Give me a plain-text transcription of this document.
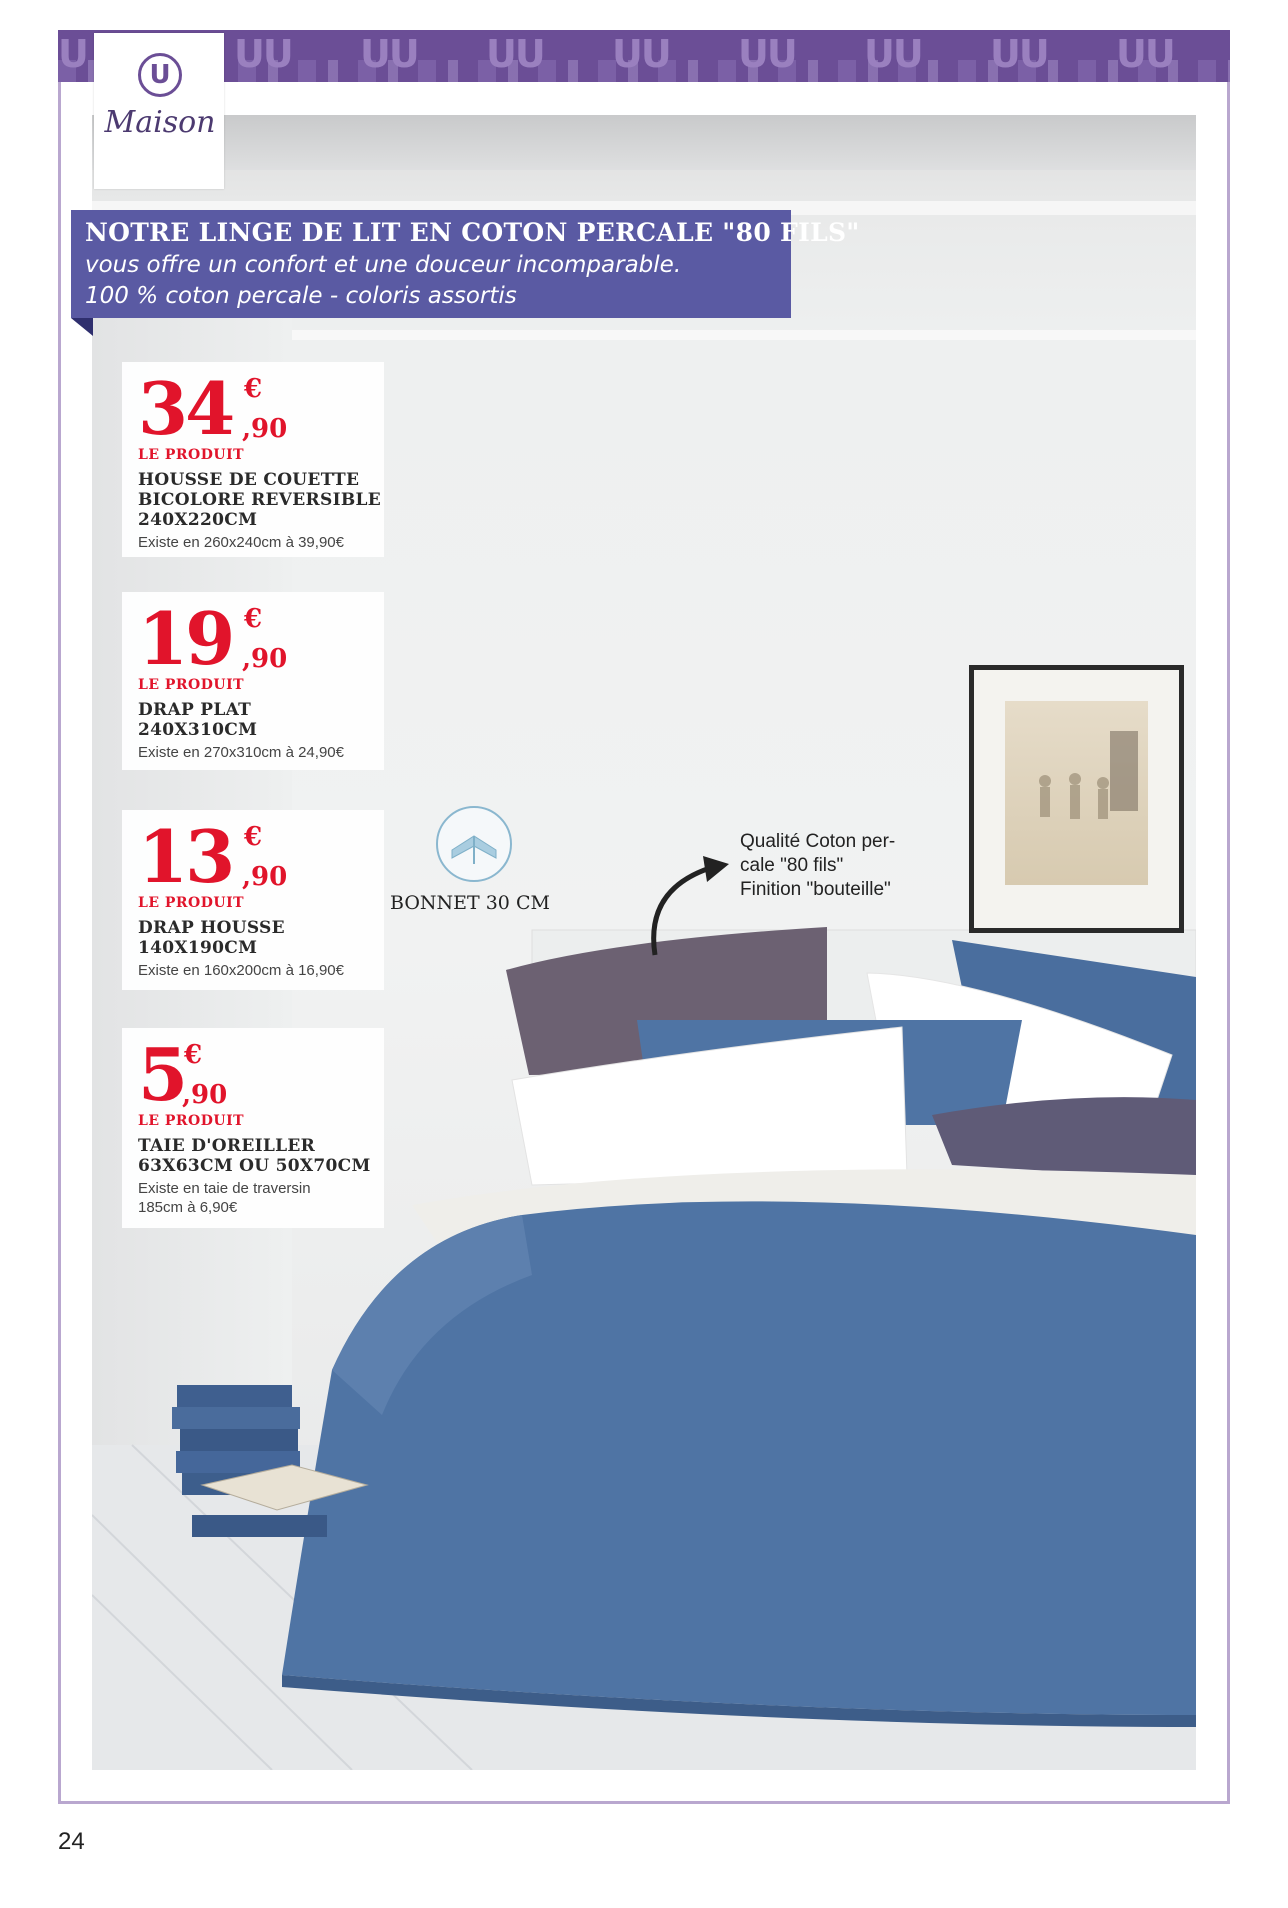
UU UU UU UU UU UU UU UU
U	U
Maison
NOTRE LINGE DE LIT EN COTON PERCALE "80 FILS"
vous offre un confort et une douceur incomparable.
100 % coton percale - coloris assortis
34 €
,90
LE PRODUIT
HOUSSE DE COUETTE
BICOLORE REVERSIBLE
240X220CM
Existe en 260x240cm à 39,90€
19 €
,90
LE PRODUIT
DRAP PLAT
240X310CM
Existe en 270x310cm à 24,90€
13 €
,90
LE PRODUIT
DRAP HOUSSE
140X190CM
Existe en 160x200cm à 16,90€
5
€
,90
LE PRODUIT
TAIE D'OREILLER
63X63CM OU 50X70CM
Existe en taie de traversin
185cm à 6,90€
BONNET 30 CM
Qualité Coton per-
cale "80 fils"
Finition "bouteille"
24
